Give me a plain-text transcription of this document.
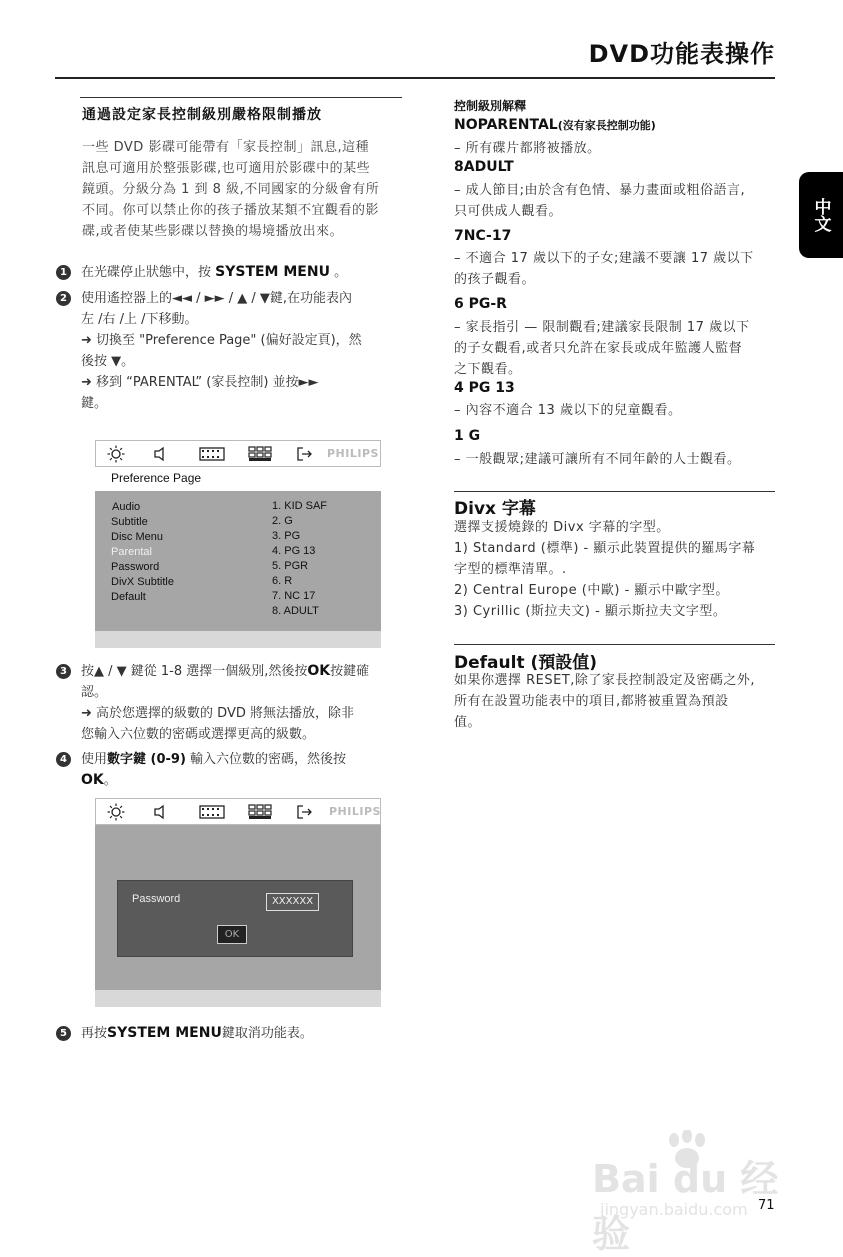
DVD功能表操作
中文
通過設定家長控制級別嚴格限制播放
一些 DVD 影碟可能帶有「家長控制」訊息,這種
訊息可適用於整張影碟,也可適用於影碟中的某些
鏡頭。分級分為 1 到 8 級,不同國家的分級會有所
不同。你可以禁止你的孩子播放某類不宜觀看的影
碟,或者使某些影碟以替換的場境播放出來。
1	在光碟停止狀態中，按 SYSTEM MENU 。
2	使用遙控器上的◄◄ / ►► / ▲ / ▼鍵,在功能表內
左 /右 /上 /下移動。
➜ 切換至 "Preference Page" (偏好設定頁)，然
後按 ▼。
➜ 移到 “PARENTAL” (家長控制) 並按►►
鍵。
PHILIPS
Preference Page
Audio
Subtitle
Disc Menu
Parental
Password
DivX Subtitle
Default
1. KID SAF
2. G
3. PG
4. PG 13
5. PGR
6. R
7. NC 17
8. ADULT
3	按▲ / ▼ 鍵從 1-8 選擇一個級別,然後按OK按鍵確
認。
➜ 高於您選擇的級數的 DVD 將無法播放，除非
您輸入六位數的密碼或選擇更高的級數。
4	使用數字鍵 (0-9) 輸入六位數的密碼，然後按
OK。
PHILIPS
Password	XXXXXX
OK
5	再按SYSTEM MENU鍵取消功能表。
控制級別解釋
NOPARENTAL(沒有家長控制功能)
– 所有碟片都將被播放。
8ADULT
– 成人節目;由於含有色情、暴力畫面或粗俗語言,
只可供成人觀看。
7NC-17
– 不適合 17 歲以下的子女;建議不要讓 17 歲以下
的孩子觀看。
6 PG-R
– 家長指引 — 限制觀看;建議家長限制 17 歲以下
的子女觀看,或者只允許在家長或成年監護人監督
之下觀看。
4 PG 13
– 內容不適合 13 歲以下的兒童觀看。
1 G
– 一般觀眾;建議可讓所有不同年齡的人士觀看。
Divx 字幕
選擇支援燒錄的 Divx 字幕的字型。
1) Standard (標準) - 顯示此裝置提供的羅馬字幕
字型的標準清單。.
2) Central Europe (中歐) - 顯示中歐字型。
3) Cyrillic (斯拉夫文) - 顯示斯拉夫文字型。
Default (預設值)
如果你選擇 RESET,除了家長控制設定及密碼之外,
所有在設置功能表中的項目,都將被重置為預設
值。
Bai du 经验
jingyan.baidu.com 71
